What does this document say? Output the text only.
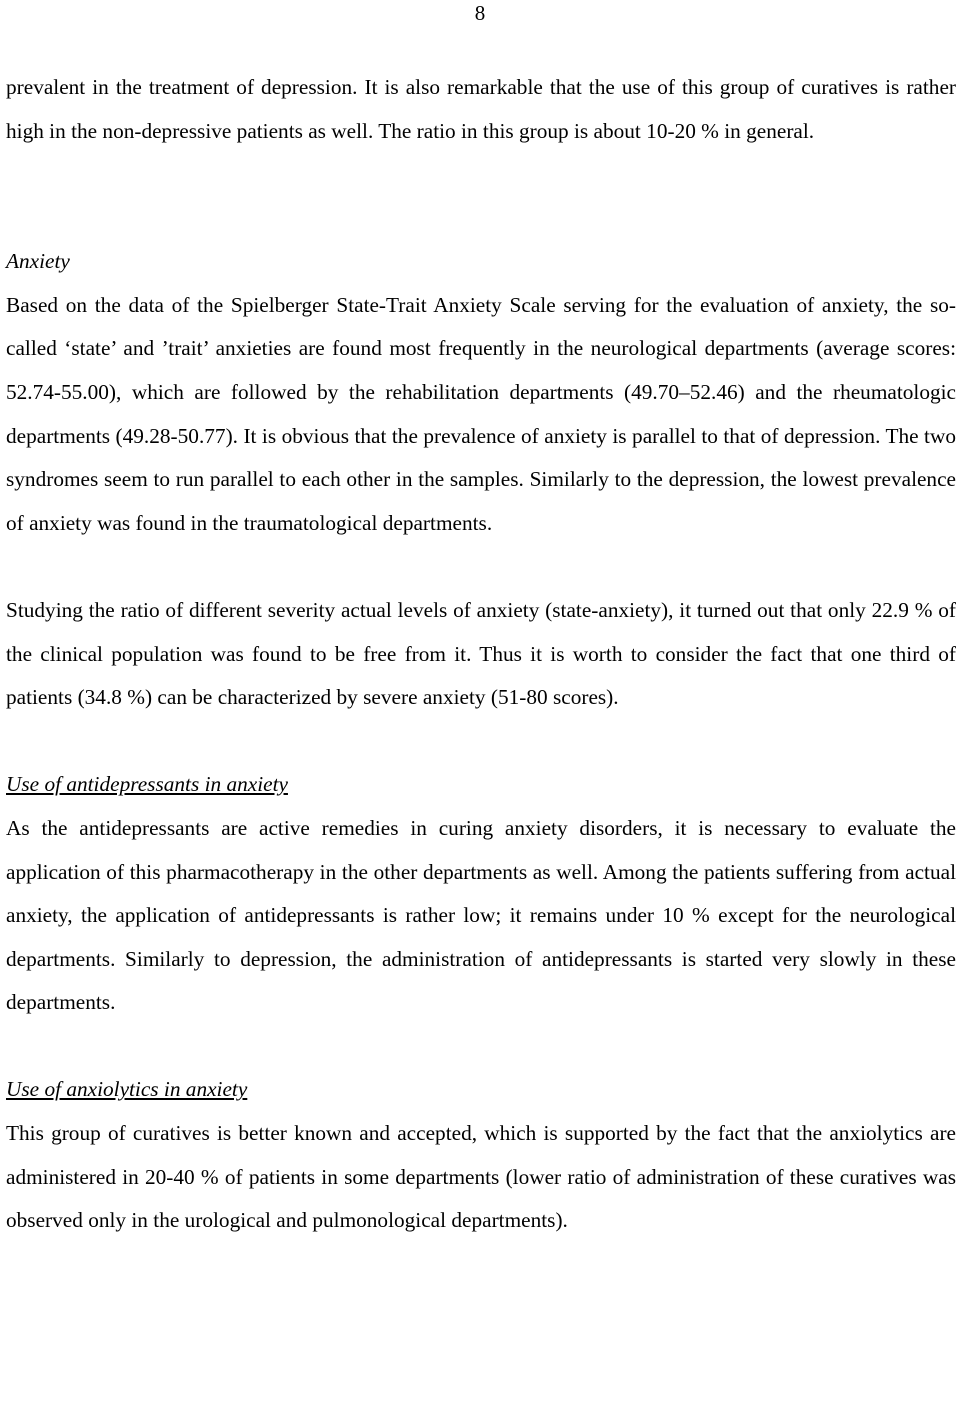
8

prevalent in the treatment of depression. It is also remarkable that the use of this group of curatives is rather high in the non-depressive patients as well. The ratio in this group is about 10-20 % in general.

Anxiety

Based on the data of the Spielberger State-Trait Anxiety Scale serving for the evaluation of anxiety, the so-called ‘state’ and ’trait’ anxieties are found most frequently in the neurological departments (average scores: 52.74-55.00), which are followed by the rehabilitation departments (49.70–52.46) and the rheumatologic departments (49.28-50.77). It is obvious that the prevalence of anxiety is parallel to that of depression. The two syndromes seem to run parallel to each other in the samples. Similarly to the depression, the lowest prevalence of anxiety was found in the traumatological departments.

Studying the ratio of different severity actual levels of anxiety (state-anxiety), it turned out that only 22.9 % of the clinical population was found to be free from it. Thus it is worth to consider the fact that one third of patients (34.8 %) can be characterized by severe anxiety (51-80 scores).

Use of antidepressants in anxiety

As the antidepressants are active remedies in curing anxiety disorders, it is necessary to evaluate the application of this pharmacotherapy in the other departments as well. Among the patients suffering from actual anxiety, the application of antidepressants is rather low; it remains under 10 % except for the neurological departments. Similarly to depression, the administration of antidepressants is started very slowly in these departments.

Use of anxiolytics in anxiety

This group of curatives is better known and accepted, which is supported by the fact that the anxiolytics are administered in 20-40 % of patients in some departments (lower ratio of administration of these curatives was observed only in the urological and pulmonological departments).
